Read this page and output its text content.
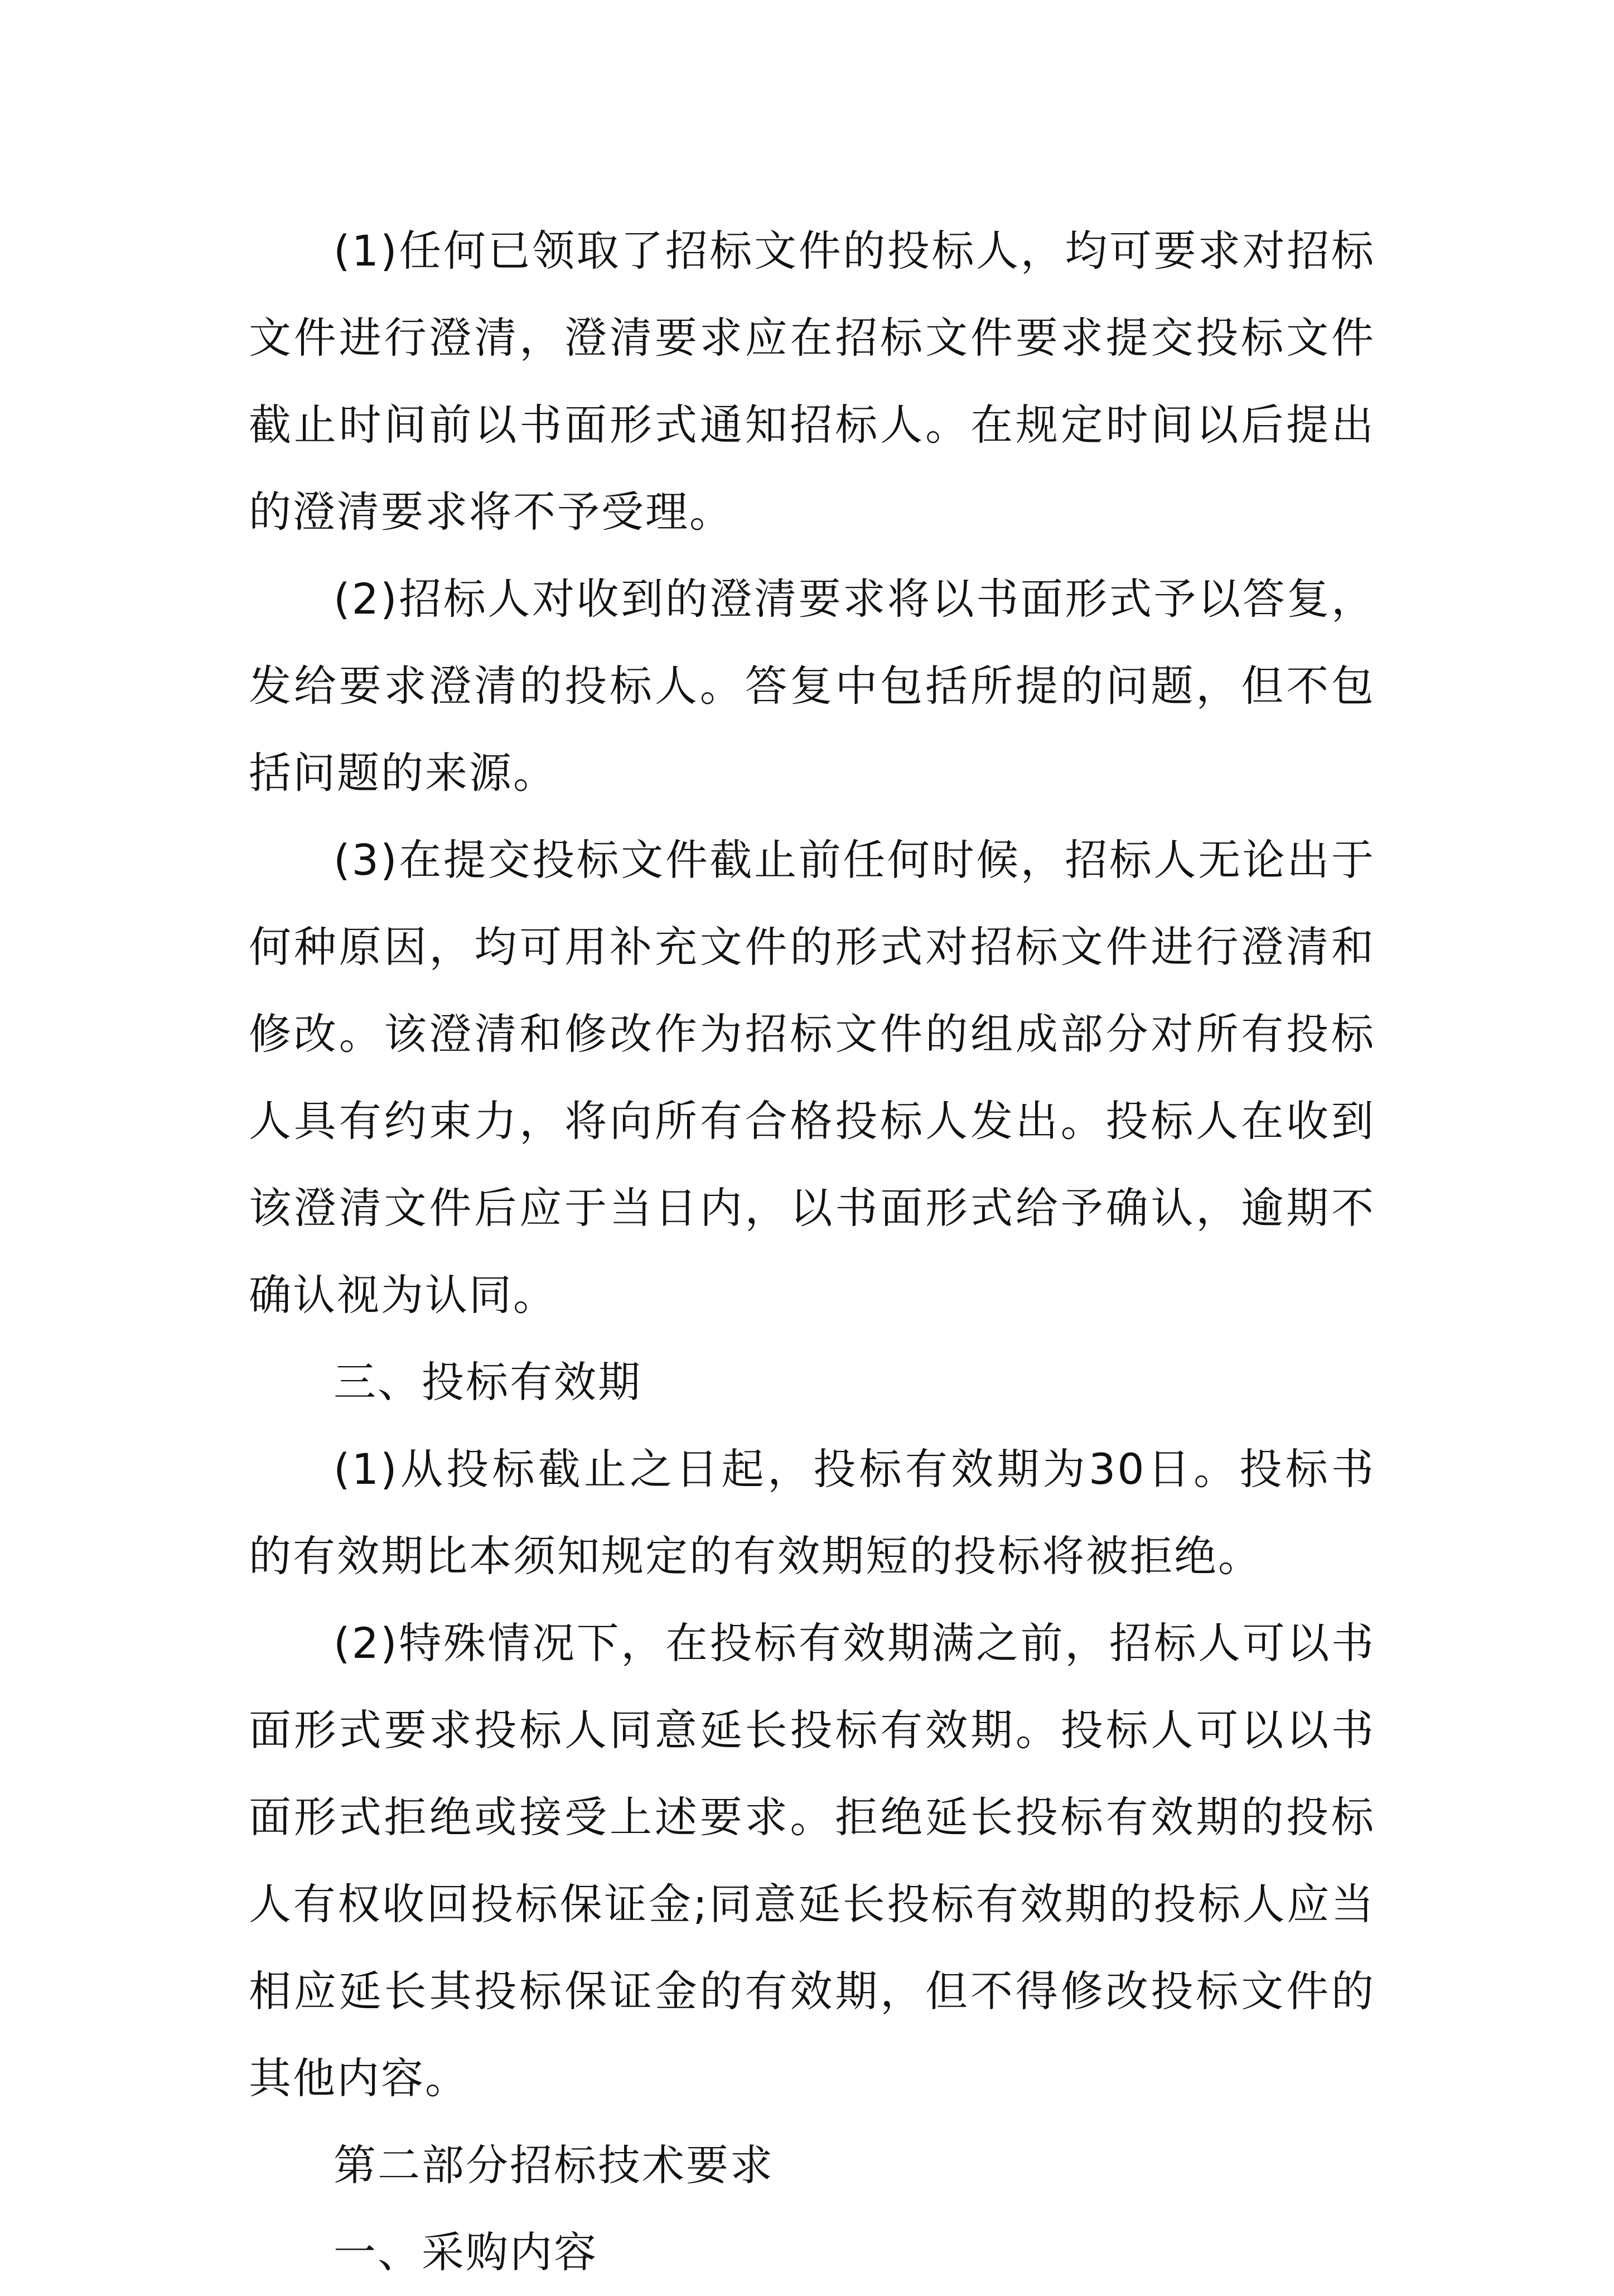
(1)任何已领取了招标文件的投标人，均可要求对招标文件进行澄清，澄清要求应在招标文件要求提交投标文件截止时间前以书面形式通知招标人。在规定时间以后提出的澄清要求将不予受理。

(2)招标人对收到的澄清要求将以书面形式予以答复，发给要求澄清的投标人。答复中包括所提的问题，但不包括问题的来源。

(3)在提交投标文件截止前任何时候，招标人无论出于何种原因，均可用补充文件的形式对招标文件进行澄清和修改。该澄清和修改作为招标文件的组成部分对所有投标人具有约束力，将向所有合格投标人发出。投标人在收到该澄清文件后应于当日内，以书面形式给予确认，逾期不确认视为认同。

三、投标有效期

(1)从投标截止之日起，投标有效期为30日。投标书的有效期比本须知规定的有效期短的投标将被拒绝。

(2)特殊情况下，在投标有效期满之前，招标人可以书面形式要求投标人同意延长投标有效期。投标人可以以书面形式拒绝或接受上述要求。拒绝延长投标有效期的投标人有权收回投标保证金;同意延长投标有效期的投标人应当相应延长其投标保证金的有效期，但不得修改投标文件的其他内容。

第二部分招标技术要求

一、采购内容
